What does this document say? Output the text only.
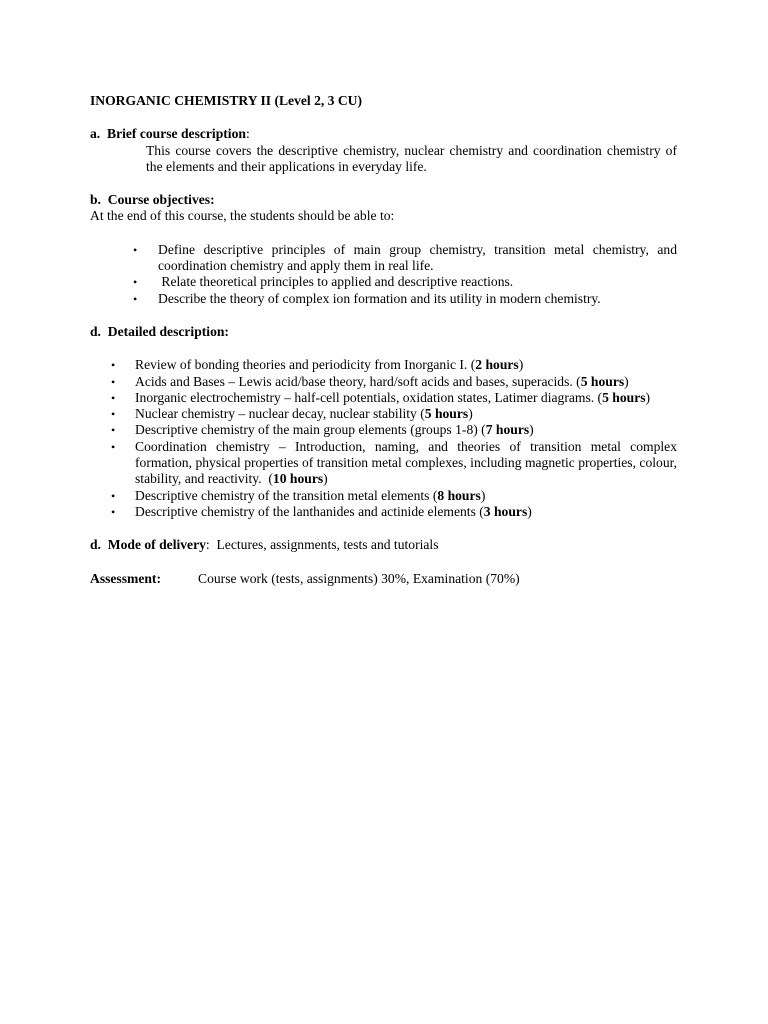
INORGANIC CHEMISTRY II (Level 2, 3 CU)

a. Brief course description:

This course covers the descriptive chemistry, nuclear chemistry and coordination chemistry of the elements and their applications in everyday life.

b. Course objectives:

At the end of this course, the students should be able to:

• Define descriptive principles of main group chemistry, transition metal chemistry, and coordination chemistry and apply them in real life.
• Relate theoretical principles to applied and descriptive reactions.
• Describe the theory of complex ion formation and its utility in modern chemistry.

d. Detailed description:

• Review of bonding theories and periodicity from Inorganic I. (2 hours)
• Acids and Bases – Lewis acid/base theory, hard/soft acids and bases, superacids. (5 hours)
• Inorganic electrochemistry – half-cell potentials, oxidation states, Latimer diagrams. (5 hours)
• Nuclear chemistry – nuclear decay, nuclear stability (5 hours)
• Descriptive chemistry of the main group elements (groups 1-8) (7 hours)
• Coordination chemistry – Introduction, naming, and theories of transition metal complex formation, physical properties of transition metal complexes, including magnetic properties, colour, stability, and reactivity.  (10 hours)
• Descriptive chemistry of the transition metal elements (8 hours)
• Descriptive chemistry of the lanthanides and actinide elements (3 hours)

d. Mode of delivery:  Lectures, assignments, tests and tutorials

Assessment:	Course work (tests, assignments) 30%, Examination (70%)
